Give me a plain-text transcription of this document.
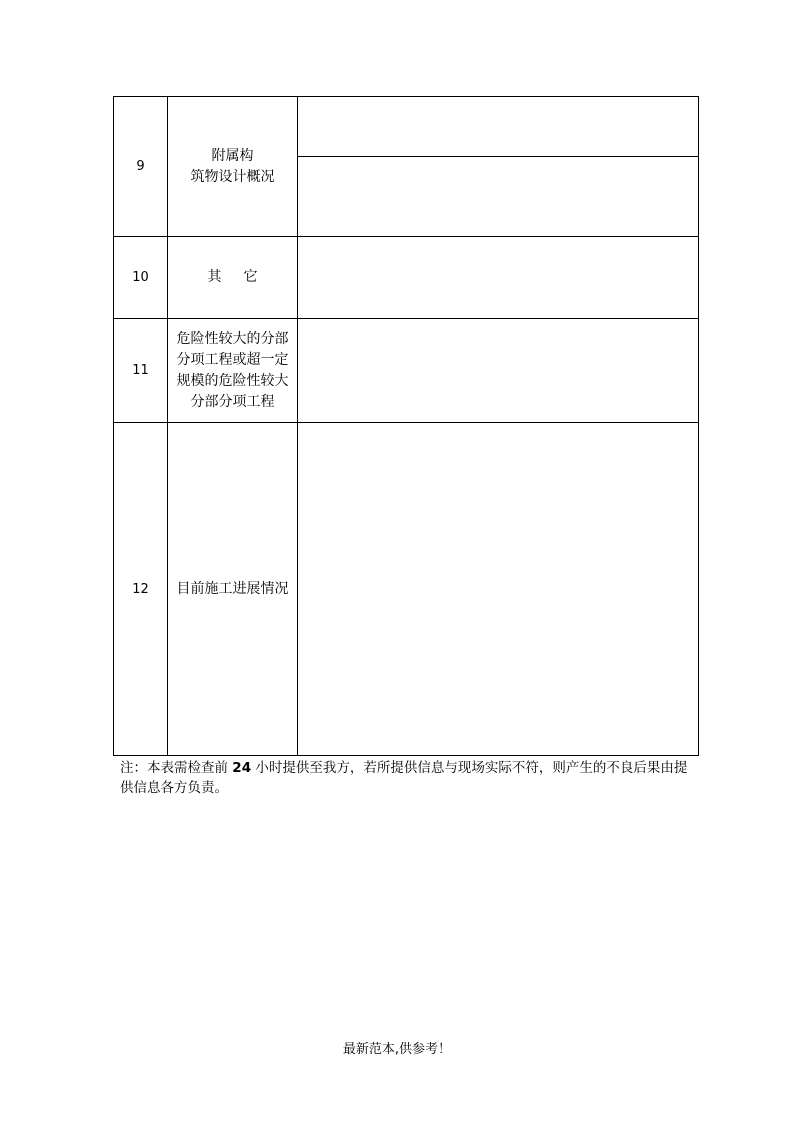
9	附属构
筑物设计概况	

10	其 它	
11	危险性较大的分部分项工程或超一定规模的危险性较大分部分项工程	
12	目前施工进展情况	
注：本表需检查前 24 小时提供至我方，若所提供信息与现场实际不符，则产生的不良后果由提供信息各方负责。
最新范本,供参考！
